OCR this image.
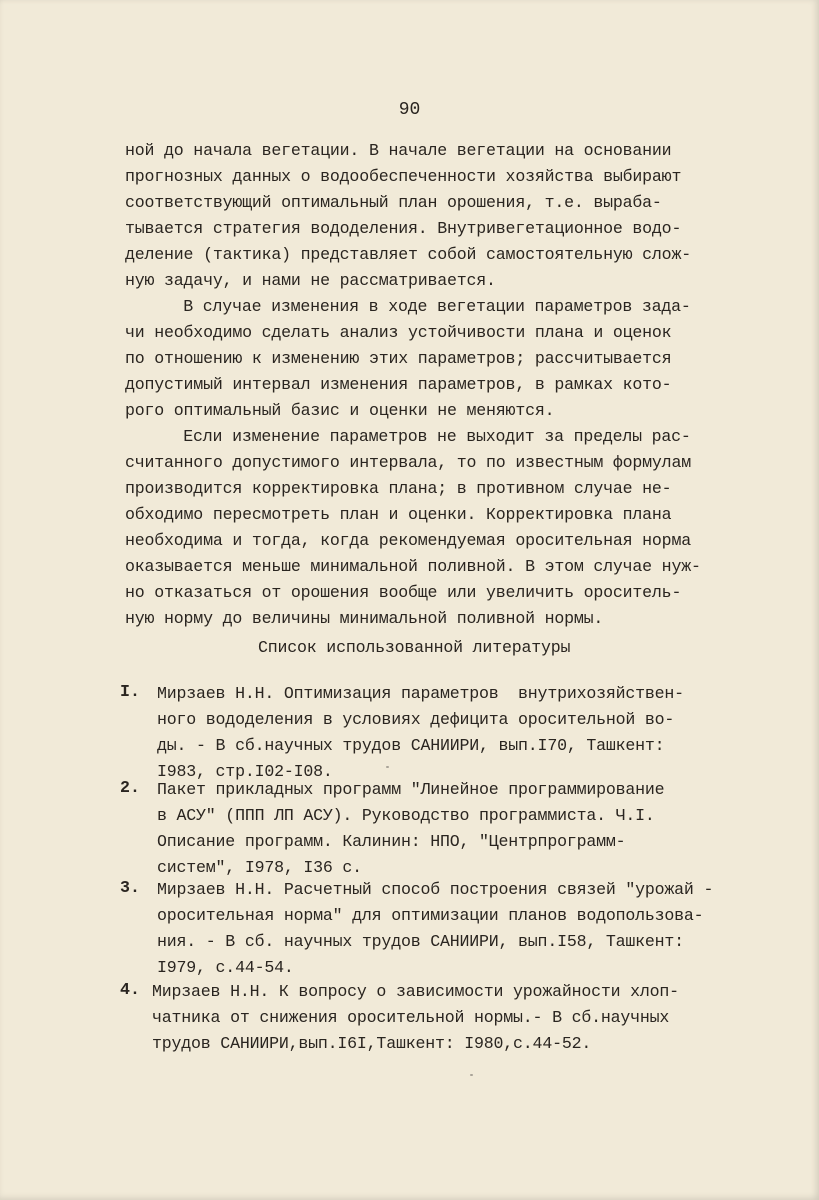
90
ной до начала вегетации. В начале вегетации на основании
прогнозных данных о водообеспеченности хозяйства выбирают
соответствующий оптимальный план орошения, т.е. выраба-
тывается стратегия вододеления. Внутривегетационное водо-
деление (тактика) представляет собой самостоятельную слож-
ную задачу, и нами не рассматривается.
В случае изменения в ходе вегетации параметров зада-
чи необходимо сделать анализ устойчивости плана и оценок
по отношению к изменению этих параметров; рассчитывается
допустимый интервал изменения параметров, в рамках кото-
рого оптимальный базис и оценки не меняются.
Если изменение параметров не выходит за пределы рас-
считанного допустимого интервала, то по известным формулам
производится корректировка плана; в противном случае не-
обходимо пересмотреть план и оценки. Корректировка плана
необходима и тогда, когда рекомендуемая оросительная норма
оказывается меньше минимальной поливной. В этом случае нуж-
но отказаться от орошения вообще или увеличить ороситель-
ную норму до величины минимальной поливной нормы.
Список использованной литературы
I. Мирзаев Н.Н. Оптимизация параметров  внутрихозяйствен-
ного вододеления в условиях дефицита оросительной во-
ды. - В сб.научных трудов САНИИРИ, вып.I70, Ташкент:
I983, стр.I02-I08.
2. Пакет прикладных программ "Линейное программирование
в АСУ" (ППП ЛП АСУ). Руководство программиста. Ч.I.
Описание программ. Калинин: НПО, "Центрпрограмм-
систем", I978, I36 с.
3. Мирзаев Н.Н. Расчетный способ построения связей "урожай -
оросительная норма" для оптимизации планов водопользова-
ния. - В сб. научных трудов САНИИРИ, вып.I58, Ташкент:
I979, с.44-54.
4. Мирзаев Н.Н. К вопросу о зависимости урожайности хлоп-
чатника от снижения оросительной нормы.- В сб.научных
трудов САНИИРИ,вып.I6I,Ташкент: I980,с.44-52.
